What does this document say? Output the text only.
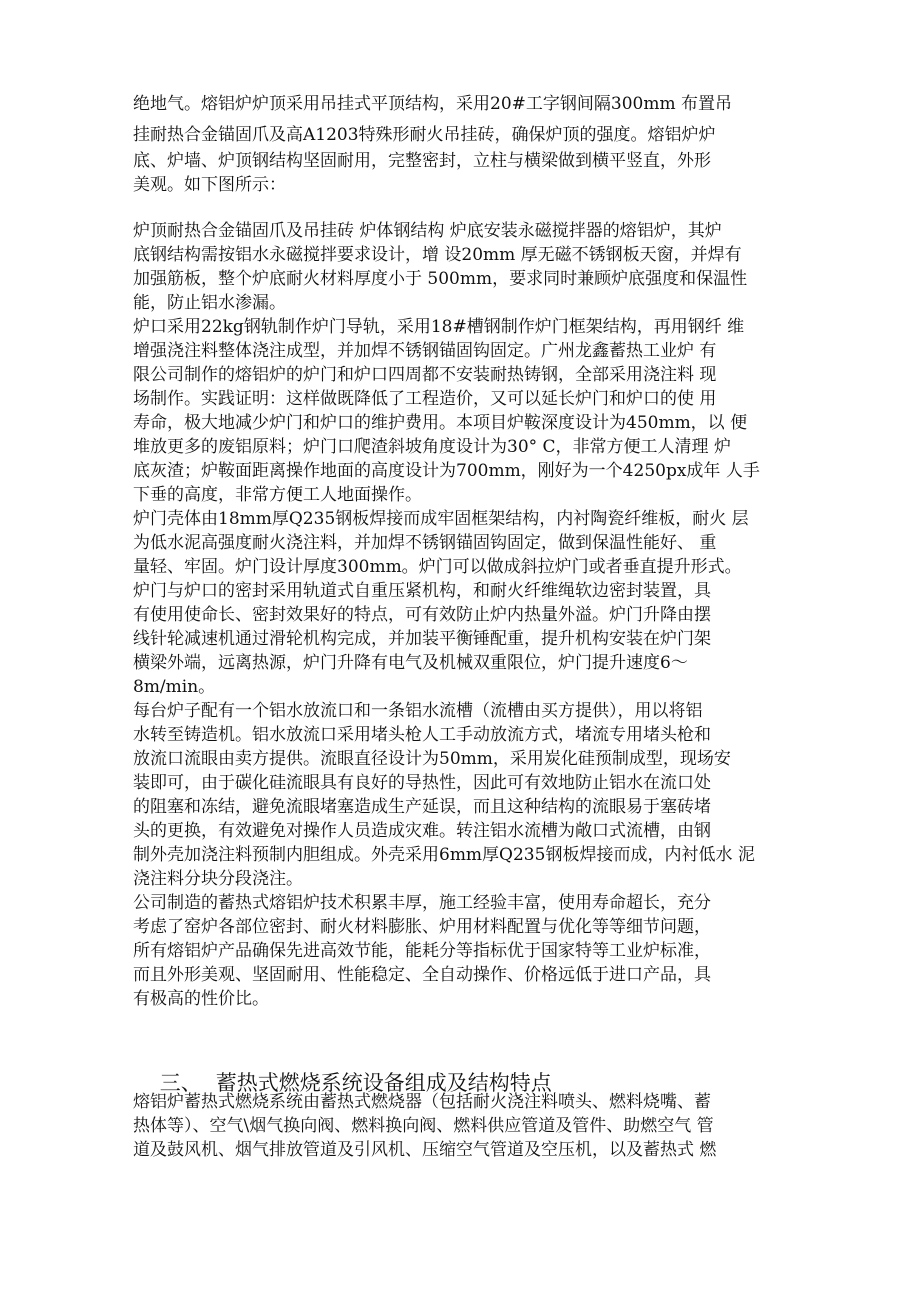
绝地气。熔铝炉炉顶采用吊挂式平顶结构，采用20#工字钢间隔300mm 布置吊
挂耐热合金锚固爪及高A1203特殊形耐火吊挂砖，确保炉顶的强度。熔铝炉炉
底、炉墙、炉顶钢结构坚固耐用，完整密封，立柱与横梁做到横平竖直，外形
美观。如下图所示：
炉顶耐热合金锚固爪及吊挂砖 炉体钢结构 炉底安装永磁搅拌器的熔铝炉，其炉
底钢结构需按铝水永磁搅拌要求设计，增 设20mm 厚无磁不锈钢板天窗，并焊有
加强筋板，整个炉底耐火材料厚度小于 500mm，要求同时兼顾炉底强度和保温性
能，防止铝水渗漏。
炉口采用22kg钢轨制作炉门导轨，采用18#槽钢制作炉门框架结构，再用钢纤 维
增强浇注料整体浇注成型，并加焊不锈钢锚固钩固定。广州龙鑫蓄热工业炉 有
限公司制作的熔铝炉的炉门和炉口四周都不安装耐热铸钢，全部采用浇注料 现
场制作。实践证明：这样做既降低了工程造价，又可以延长炉门和炉口的使 用
寿命，极大地减少炉门和炉口的维护费用。本项目炉鞍深度设计为450mm，以 便
堆放更多的废铝原料；炉门口爬渣斜坡角度设计为30° C，非常方便工人清理 炉
底灰渣；炉鞍面距离操作地面的高度设计为700mm，刚好为一个4250px成年 人手
下垂的高度，非常方便工人地面操作。
炉门壳体由18mm厚Q235钢板焊接而成牢固框架结构，内衬陶瓷纤维板，耐火 层
为低水泥高强度耐火浇注料，并加焊不锈钢锚固钩固定，做到保温性能好、 重
量轻、牢固。炉门设计厚度300mm。炉门可以做成斜拉炉门或者垂直提升形式。
炉门与炉口的密封采用轨道式自重压紧机构，和耐火纤维绳软边密封装置，具
有使用使命长、密封效果好的特点，可有效防止炉内热量外溢。炉门升降由摆
线针轮减速机通过滑轮机构完成，并加装平衡锤配重，提升机构安装在炉门架
横梁外端，远离热源，炉门升降有电气及机械双重限位，炉门提升速度6～
8m/min。
每台炉子配有一个铝水放流口和一条铝水流槽（流槽由买方提供），用以将铝
水转至铸造机。铝水放流口采用堵头枪人工手动放流方式，堵流专用堵头枪和
放流口流眼由卖方提供。流眼直径设计为50mm，采用炭化硅预制成型，现场安
装即可，由于碳化硅流眼具有良好的导热性，因此可有效地防止铝水在流口处
的阻塞和冻结，避免流眼堵塞造成生产延误，而且这种结构的流眼易于塞砖堵
头的更换，有效避免对操作人员造成灾难。转注铝水流槽为敞口式流槽，由钢
制外壳加浇注料预制内胆组成。外壳采用6mm厚Q235钢板焊接而成，内衬低水 泥
浇注料分块分段浇注。
公司制造的蓄热式熔铝炉技术积累丰厚，施工经验丰富，使用寿命超长，充分
考虑了窑炉各部位密封、耐火材料膨胀、炉用材料配置与优化等等细节问题，
所有熔铝炉产品确保先进高效节能，能耗分等指标优于国家特等工业炉标准，
而且外形美观、坚固耐用、性能稳定、全自动操作、价格远低于进口产品，具
有极高的性价比。

三、 蓄热式燃烧系统设备组成及结构特点

熔铝炉蓄热式燃烧系统由蓄热式燃烧器（包括耐火浇注料喷头、燃料烧嘴、蓄
热体等）、空气\烟气换向阀、燃料换向阀、燃料供应管道及管件、助燃空气 管
道及鼓风机、烟气排放管道及引风机、压缩空气管道及空压机，以及蓄热式 燃
